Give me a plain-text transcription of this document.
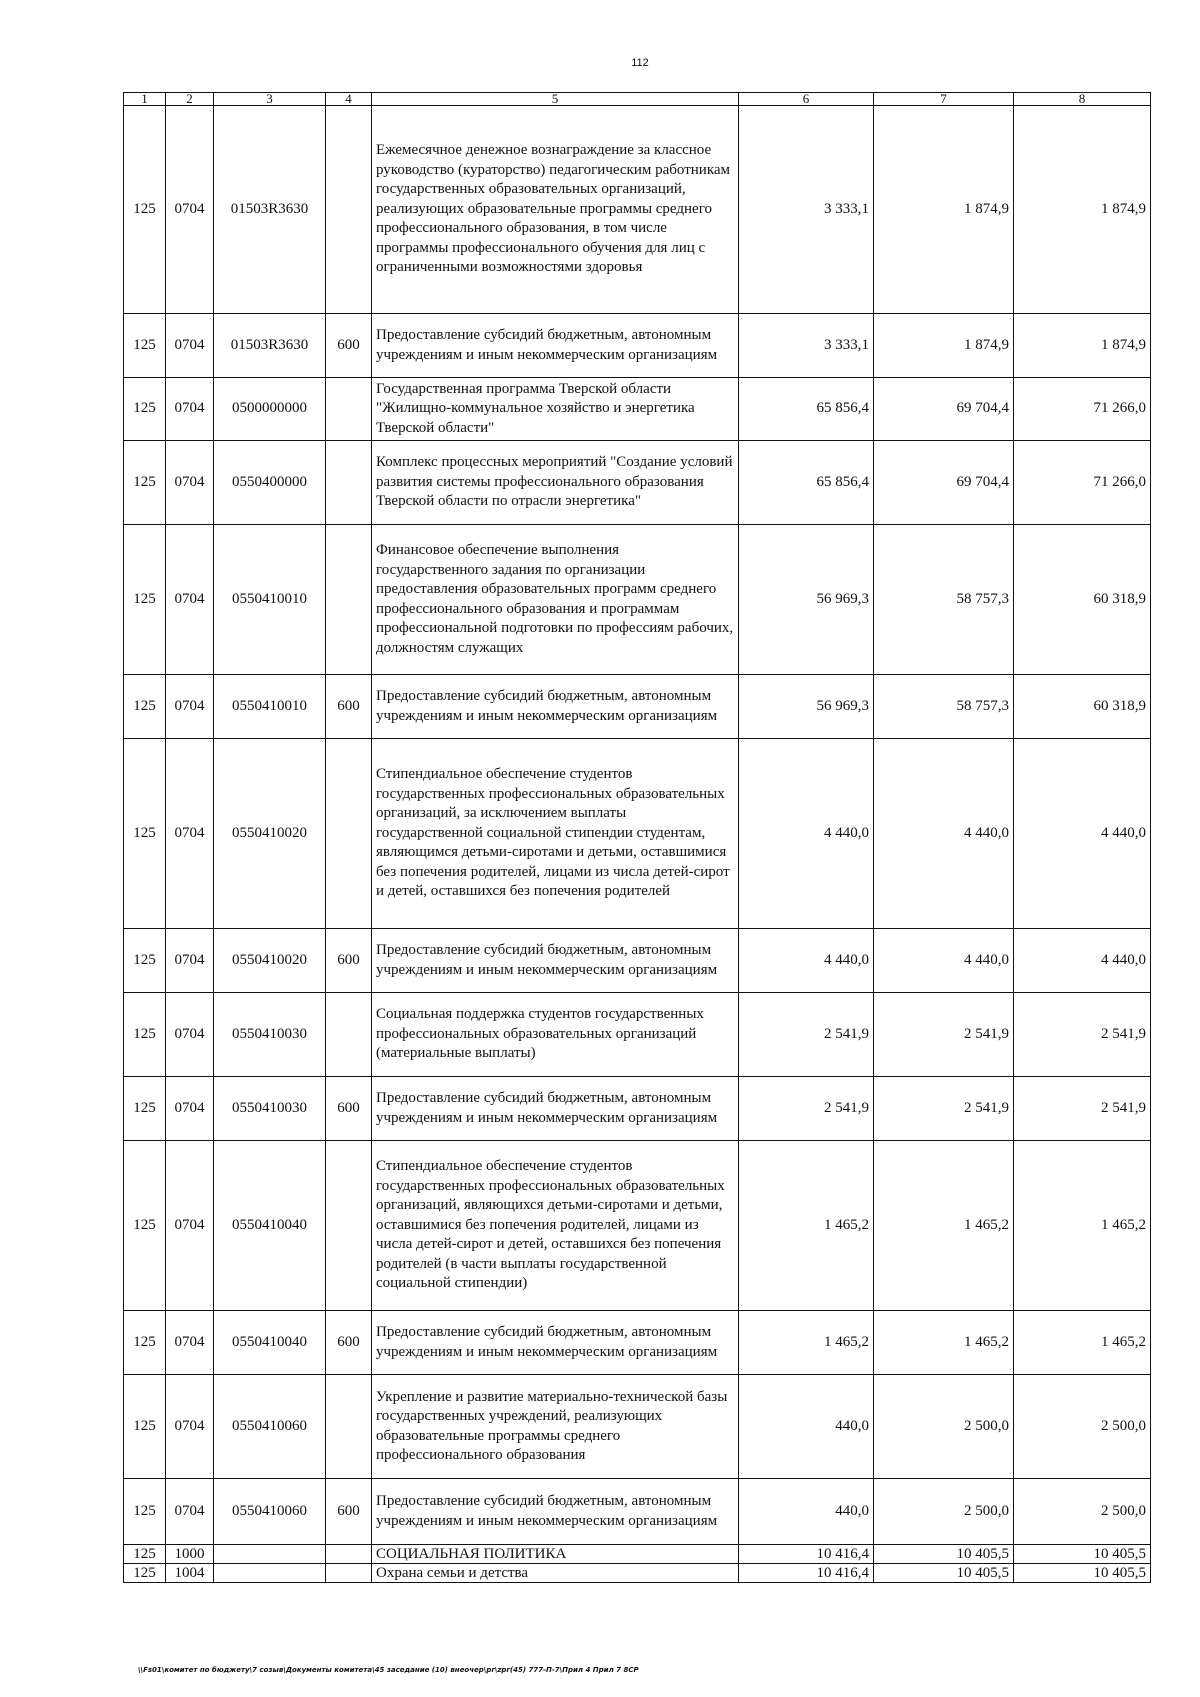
112
1	2	3	4	5	6	7	8
125	0704	01503R3630		Ежемесячное денежное вознаграждение за классное руководство (кураторство) педагогическим работникам государственных образовательных организаций, реализующих образовательные программы среднего профессионального образования, в том числе программы профессионального обучения для лиц с ограниченными возможностями здоровья	3 333,1	1 874,9	1 874,9
125	0704	01503R3630	600	Предоставление субсидий бюджетным, автономным учреждениям и иным некоммерческим организациям	3 333,1	1 874,9	1 874,9
125	0704	0500000000		Государственная программа Тверской области "Жилищно-коммунальное хозяйство и энергетика Тверской области"	65 856,4	69 704,4	71 266,0
125	0704	0550400000		Комплекс процессных мероприятий "Создание условий развития системы профессионального образования Тверской области по отрасли энергетика"	65 856,4	69 704,4	71 266,0
125	0704	0550410010		Финансовое обеспечение выполнения государственного задания по организации предоставления образовательных программ среднего профессионального образования и программам профессиональной подготовки по профессиям рабочих, должностям служащих	56 969,3	58 757,3	60 318,9
125	0704	0550410010	600	Предоставление субсидий бюджетным, автономным учреждениям и иным некоммерческим организациям	56 969,3	58 757,3	60 318,9
125	0704	0550410020		Стипендиальное обеспечение студентов государственных профессиональных образовательных организаций, за исключением выплаты государственной социальной стипендии студентам, являющимся детьми-сиротами и детьми, оставшимися без попечения родителей, лицами из числа детей-сирот и детей, оставшихся без попечения родителей	4 440,0	4 440,0	4 440,0
125	0704	0550410020	600	Предоставление субсидий бюджетным, автономным учреждениям и иным некоммерческим организациям	4 440,0	4 440,0	4 440,0
125	0704	0550410030		Социальная поддержка студентов государственных профессиональных образовательных организаций (материальные выплаты)	2 541,9	2 541,9	2 541,9
125	0704	0550410030	600	Предоставление субсидий бюджетным, автономным учреждениям и иным некоммерческим организациям	2 541,9	2 541,9	2 541,9
125	0704	0550410040		Стипендиальное обеспечение студентов государственных профессиональных образовательных организаций, являющихся детьми-сиротами и детьми, оставшимися без попечения родителей, лицами из числа детей-сирот и детей, оставшихся без попечения родителей (в части выплаты государственной социальной стипендии)	1 465,2	1 465,2	1 465,2
125	0704	0550410040	600	Предоставление субсидий бюджетным, автономным учреждениям и иным некоммерческим организациям	1 465,2	1 465,2	1 465,2
125	0704	0550410060		Укрепление и развитие материально-технической базы государственных учреждений, реализующих образовательные программы среднего профессионального образования	440,0	2 500,0	2 500,0
125	0704	0550410060	600	Предоставление субсидий бюджетным, автономным учреждениям и иным некоммерческим организациям	440,0	2 500,0	2 500,0
125	1000			СОЦИАЛЬНАЯ ПОЛИТИКА	10 416,4	10 405,5	10 405,5
125	1004			Охрана семьи и детства	10 416,4	10 405,5	10 405,5
\\Fs01\комитет по бюджету\7 созыв\Документы комитета\45 заседание (10) внеочер\pr\zpr(45) 777-П-7\Прил 4 Прил 7 8СР
